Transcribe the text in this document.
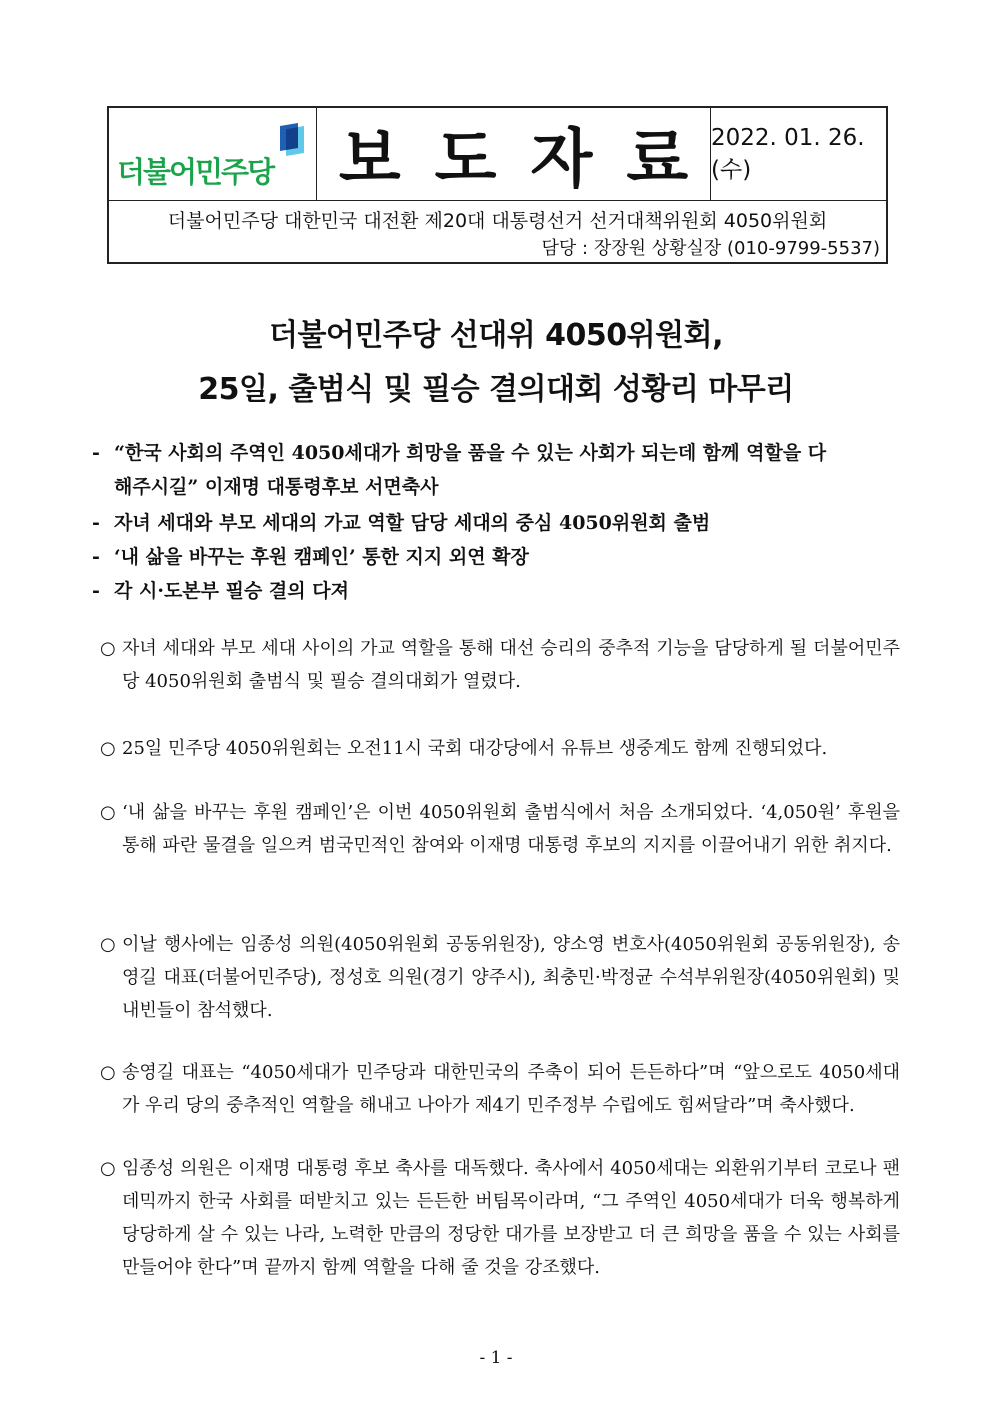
더불어민주당 보도자료
2022. 01. 26. (수)
더불어민주당 대한민국 대전환 제20대 대통령선거 선거대책위원회 4050위원회
담당 : 장장원 상황실장 (010-9799-5537)
더불어민주당 선대위 4050위원회,
25일, 출범식 및 필승 결의대회 성황리 마무리
- “한국 사회의 주역인 4050세대가 희망을 품을 수 있는 사회가 되는데 함께 역할을 다
해주시길” 이재명 대통령후보 서면축사
- 자녀 세대와 부모 세대의 가교 역할 담당 세대의 중심 4050위원회 출범
- ‘내 삶을 바꾸는 후원 캠페인’ 통한 지지 외연 확장
- 각 시·도본부 필승 결의 다져
○ 자녀 세대와 부모 세대 사이의 가교 역할을 통해 대선 승리의 중추적 기능을 담당하게 될 더불어민주당 4050위원회 출범식 및 필승 결의대회가 열렸다.
○ 25일 민주당 4050위원회는 오전11시 국회 대강당에서 유튜브 생중계도 함께 진행되었다.
○ ‘내 삶을 바꾸는 후원 캠페인’은 이번 4050위원회 출범식에서 처음 소개되었다. ‘4,050원’ 후원을 통해 파란 물결을 일으켜 범국민적인 참여와 이재명 대통령 후보의 지지를 이끌어내기 위한 취지다.
○ 이날 행사에는 임종성 의원(4050위원회 공동위원장), 양소영 변호사(4050위원회 공동위원장), 송영길 대표(더불어민주당), 정성호 의원(경기 양주시), 최충민·박정균 수석부위원장(4050위원회) 및 내빈들이 참석했다.
○ 송영길 대표는 “4050세대가 민주당과 대한민국의 주축이 되어 든든하다”며 “앞으로도 4050세대가 우리 당의 중추적인 역할을 해내고 나아가 제4기 민주정부 수립에도 힘써달라”며 축사했다.
○ 임종성 의원은 이재명 대통령 후보 축사를 대독했다. 축사에서 4050세대는 외환위기부터 코로나 팬데믹까지 한국 사회를 떠받치고 있는 든든한 버팀목이라며, “그 주역인 4050세대가 더욱 행복하게 당당하게 살 수 있는 나라, 노력한 만큼의 정당한 대가를 보장받고 더 큰 희망을 품을 수 있는 사회를 만들어야 한다”며 끝까지 함께 역할을 다해 줄 것을 강조했다.
- 1 -
